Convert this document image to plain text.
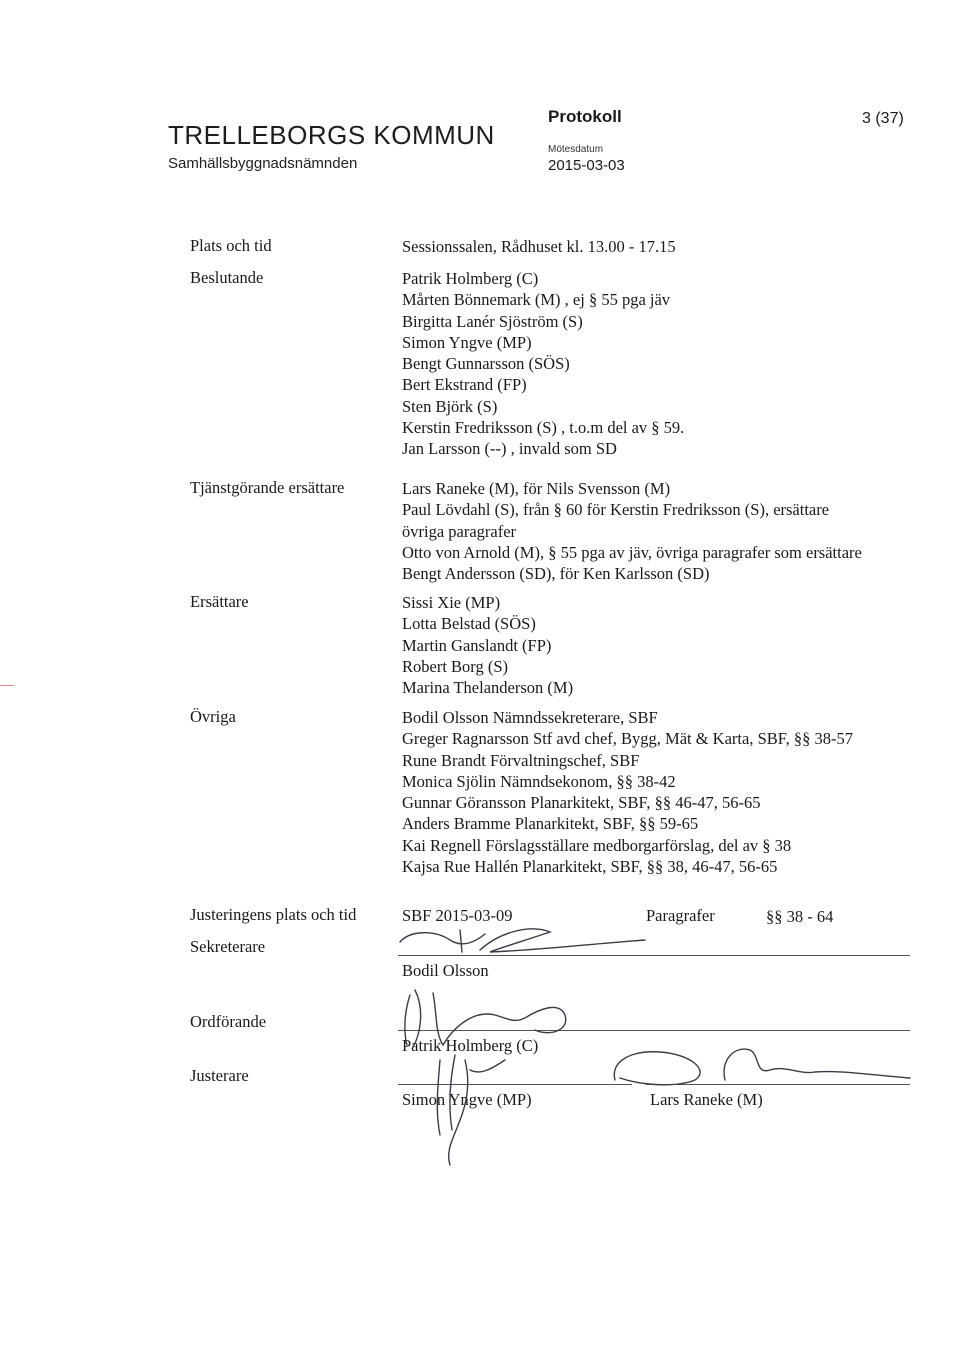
TRELLEBORGS KOMMUN
Samhällsbyggnadsnämnden
Protokoll
Mötesdatum
2015-03-03
3 (37)
Plats och tid	Sessionssalen, Rådhuset kl. 13.00 - 17.15
Beslutande	Patrik Holmberg (C)
Mårten Bönnemark (M) , ej § 55 pga jäv
Birgitta Lanér Sjöström (S)
Simon Yngve (MP)
Bengt Gunnarsson (SÖS)
Bert Ekstrand (FP)
Sten Björk (S)
Kerstin Fredriksson (S) , t.o.m del av § 59.
Jan Larsson (--) , invald som SD
Tjänstgörande ersättare	Lars Raneke (M), för Nils Svensson (M)
Paul Lövdahl (S), från § 60 för Kerstin Fredriksson (S), ersättare
övriga paragrafer
Otto von Arnold (M), § 55 pga av jäv, övriga paragrafer som ersättare
Bengt Andersson (SD), för Ken Karlsson (SD)
Ersättare	Sissi Xie (MP)
Lotta Belstad (SÖS)
Martin Ganslandt (FP)
Robert Borg (S)
Marina Thelanderson (M)
Övriga	Bodil Olsson Nämndssekreterare, SBF
Greger Ragnarsson Stf avd chef, Bygg, Mät & Karta, SBF, §§ 38-57
Rune Brandt Förvaltningschef, SBF
Monica Sjölin Nämndsekonom, §§ 38-42
Gunnar Göransson Planarkitekt, SBF, §§ 46-47, 56-65
Anders Bramme Planarkitekt, SBF, §§ 59-65
Kai Regnell Förslagsställare medborgarförslag, del av § 38
Kajsa Rue Hallén Planarkitekt, SBF, §§ 38, 46-47, 56-65
Justeringens plats och tid	SBF 2015-03-09	Paragrafer	§§ 38 - 64
Sekreterare
Bodil Olsson
Ordförande
Patrik Holmberg (C)
Justerare
Simon Yngve (MP)	Lars Raneke (M)
